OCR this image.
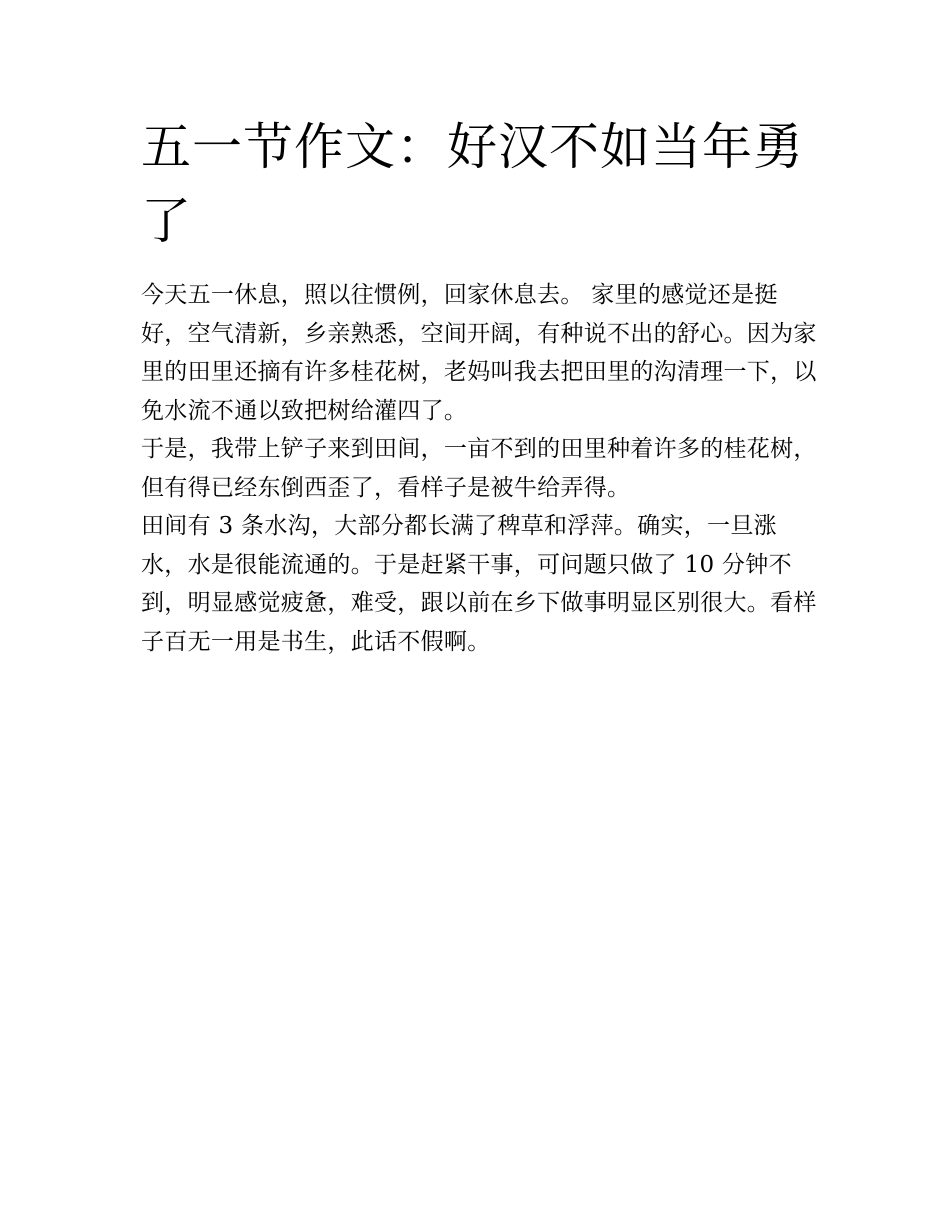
五一节作文：好汉不如当年勇了

今天五一休息，照以往惯例，回家休息去。 家里的感觉还是挺好，空气清新，乡亲熟悉，空间开阔，有种说不出的舒心。因为家里的田里还摘有许多桂花树，老妈叫我去把田里的沟清理一下，以免水流不通以致把树给灌四了。

于是，我带上铲子来到田间，一亩不到的田里种着许多的桂花树，但有得已经东倒西歪了，看样子是被牛给弄得。

田间有 3 条水沟，大部分都长满了稗草和浮萍。确实，一旦涨水，水是很能流通的。于是赶紧干事，可问题只做了 10 分钟不到，明显感觉疲惫，难受，跟以前在乡下做事明显区别很大。看样子百无一用是书生，此话不假啊。
